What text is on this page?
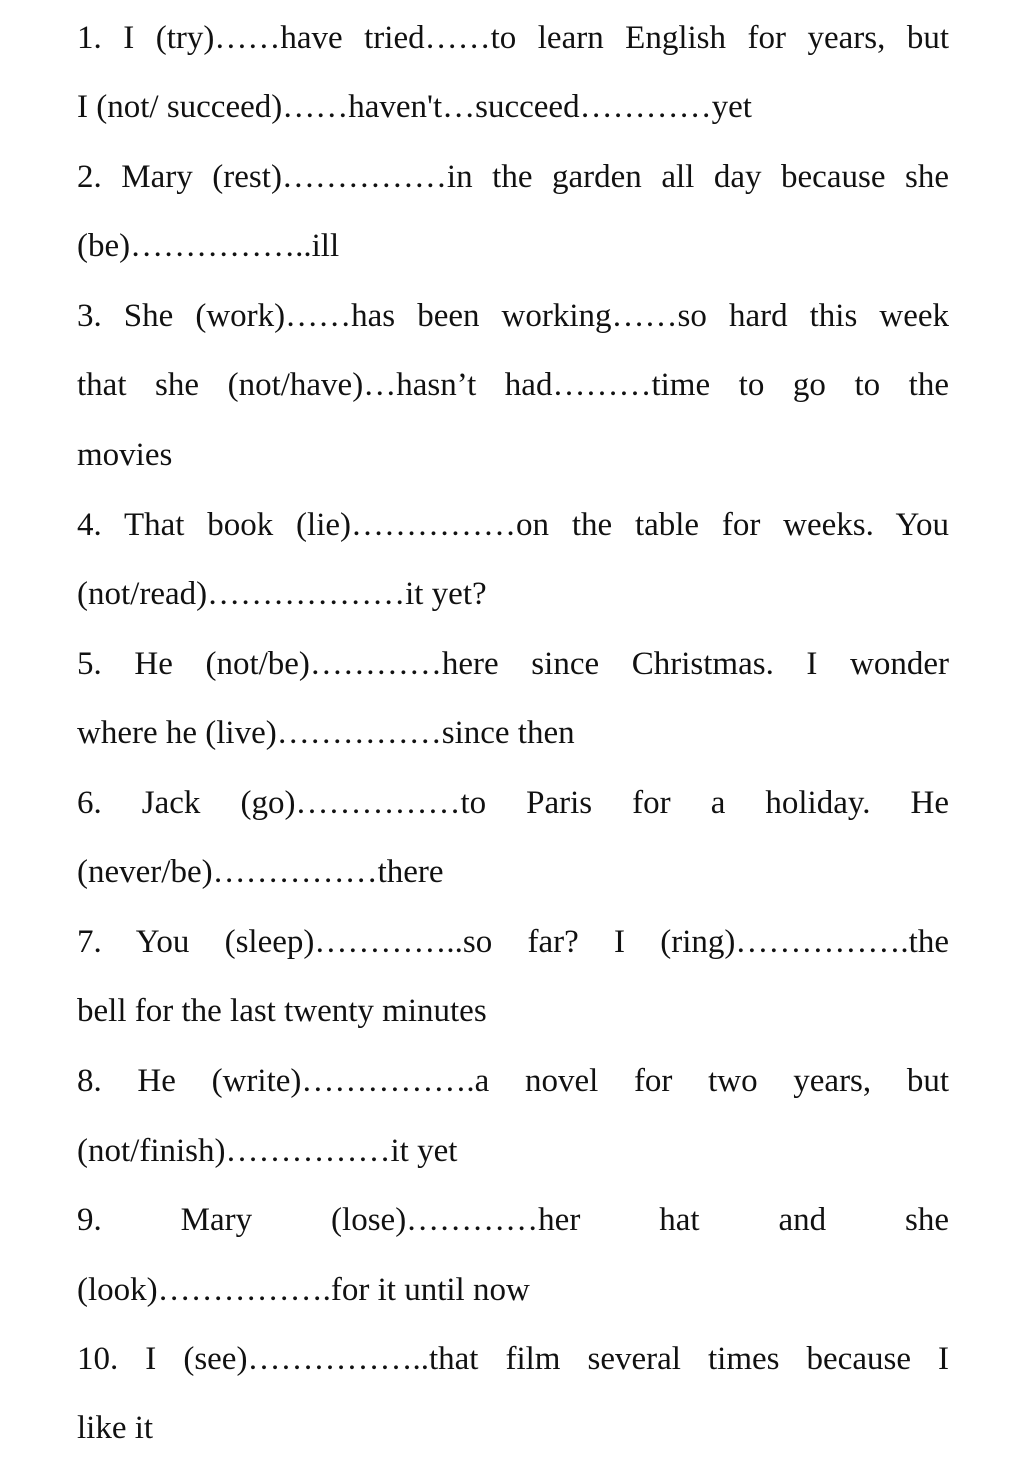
1. I (try)……have tried……to learn English for years, but
I (not/ succeed)……haven't…succeed…………yet
2. Mary (rest)……………in the garden all day because she
(be)……………..ill
3. She (work)……has been working……so hard this week
that she (not/have)…hasn’t had………time to go to the
movies
4. That book (lie)……………on the table for weeks. You
(not/read)………………it yet?
5. He (not/be)…………here since Christmas. I wonder
where he (live)……………since then
6. Jack (go)……………to Paris for a holiday. He
(never/be)……………there
7. You (sleep)…………..so far? I (ring)…………….the
bell for the last twenty minutes
8. He (write)…………….a novel for two years, but
(not/finish)……………it yet
9. Mary (lose)…………her hat and she
(look)…………….for it until now
10. I (see)……………..that film several times because I
like it
